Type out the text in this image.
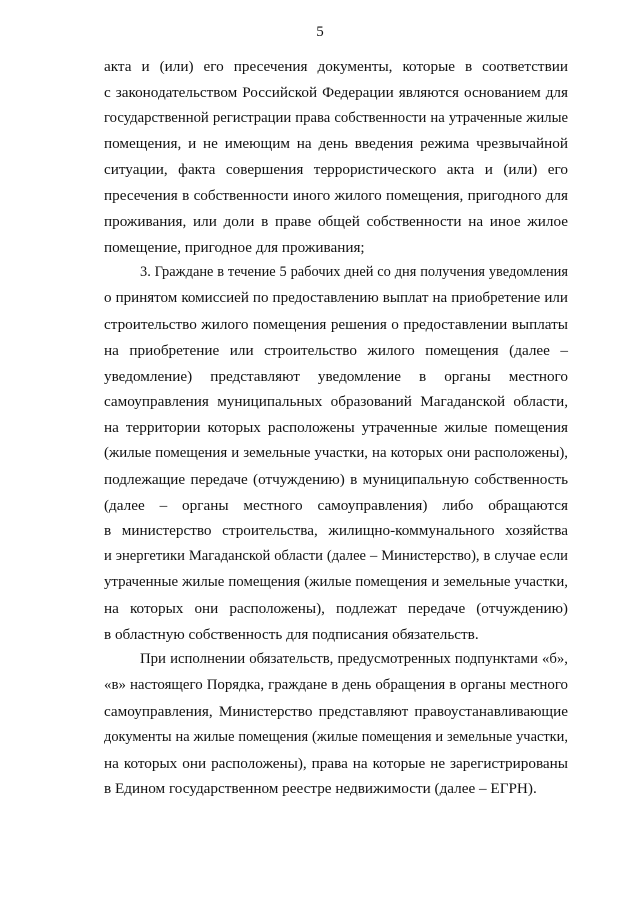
5

акта и (или) его пресечения документы, которые в соответствии
с законодательством Российской Федерации являются основанием для
государственной регистрации права собственности на утраченные жилые
помещения, и не имеющим на день введения режима чрезвычайной
ситуации, факта совершения террористического акта и (или) его
пресечения в собственности иного жилого помещения, пригодного для
проживания, или доли в праве общей собственности на иное жилое
помещение, пригодное для проживания;

3. Граждане в течение 5 рабочих дней со дня получения уведомления
о принятом комиссией по предоставлению выплат на приобретение или
строительство жилого помещения решения о предоставлении выплаты
на приобретение или строительство жилого помещения (далее –
уведомление) представляют уведомление в органы местного
самоуправления муниципальных образований Магаданской области,
на территории которых расположены утраченные жилые помещения
(жилые помещения и земельные участки, на которых они расположены),
подлежащие передаче (отчуждению) в муниципальную собственность
(далее – органы местного самоуправления) либо обращаются
в министерство строительства, жилищно-коммунального хозяйства
и энергетики Магаданской области (далее – Министерство), в случае если
утраченные жилые помещения (жилые помещения и земельные участки,
на которых они расположены), подлежат передаче (отчуждению)
в областную собственность для подписания обязательств.

При исполнении обязательств, предусмотренных подпунктами «б»,
«в» настоящего Порядка, граждане в день обращения в органы местного
самоуправления, Министерство представляют правоустанавливающие
документы на жилые помещения (жилые помещения и земельные участки,
на которых они расположены), права на которые не зарегистрированы
в Едином государственном реестре недвижимости (далее – ЕГРН).
